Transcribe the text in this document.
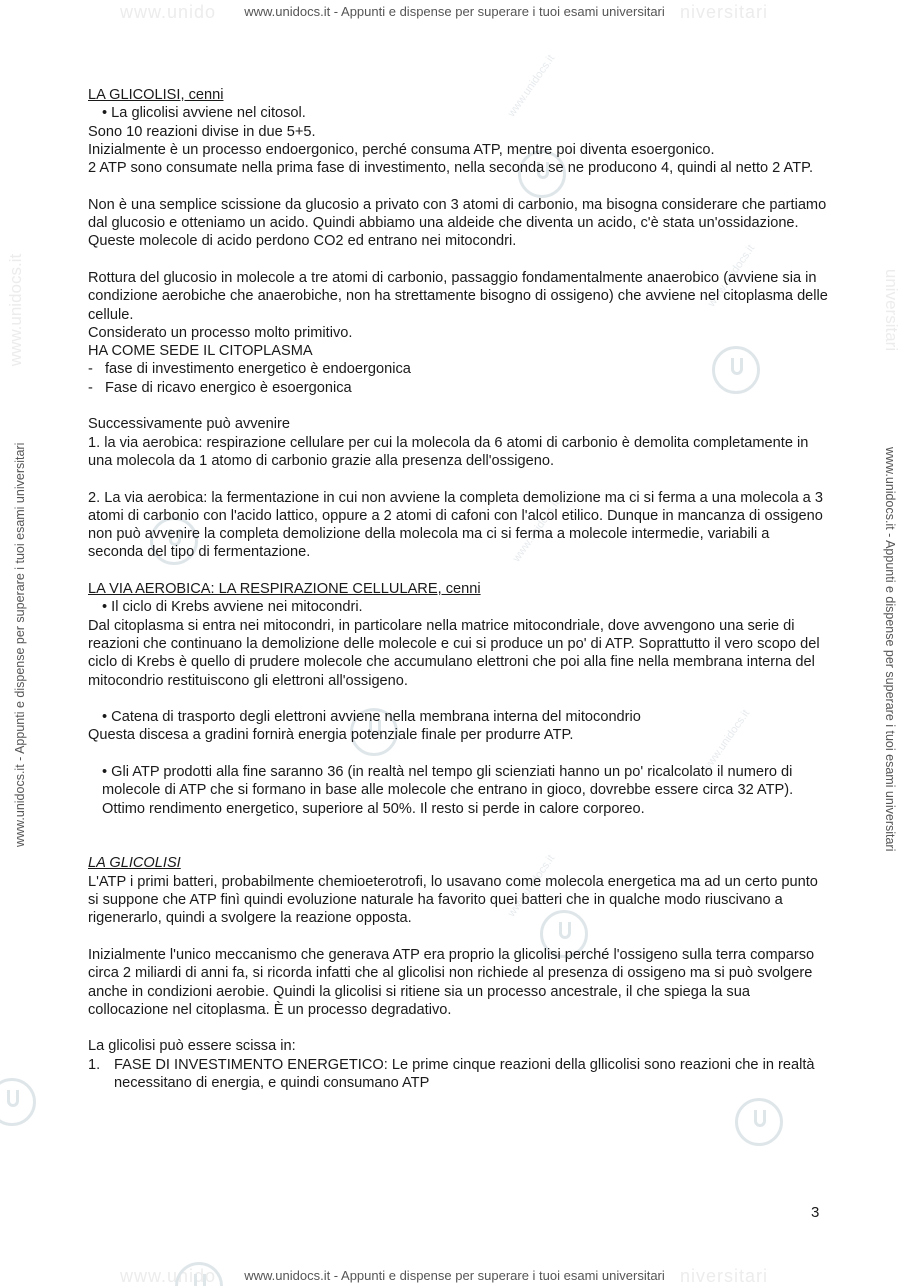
www.unido	niversitari
www.unido	niversitari
www.unidocs.it - Appunti e dispense per superare i tuoi esami universitari
www.unidocs.it - Appunti e dispense per superare i tuoi esami universitari
www.unidocs.it - Appunti e dispense per superare i tuoi esami universitari	www.unidocs.it - Appunti e dispense per superare i tuoi esami universitari
www.unidocs.it	universitari
www.unidocs.it
www.unidocs.it
www.unidocs.it
www.unidocs.it
www.unidocs.it

LA GLICOLISI, cenni

• La glicolisi avviene nel citosol.

Sono 10 reazioni divise in due 5+5.

Inizialmente è un processo endoergonico, perché consuma ATP, mentre poi diventa esoergonico.

2 ATP sono consumate nella prima fase di investimento, nella seconda se ne producono 4, quindi al netto 2 ATP.

Non è una semplice scissione da glucosio a privato con 3 atomi di carbonio, ma bisogna considerare che partiamo dal glucosio e otteniamo un acido. Quindi abbiamo una aldeide che diventa un acido, c'è stata un'ossidazione.

Queste molecole di acido perdono CO2 ed entrano nei mitocondri.

Rottura del glucosio in molecole a tre atomi di carbonio, passaggio fondamentalmente anaerobico (avviene sia in condizione aerobiche che anaerobiche, non ha strettamente bisogno di ossigeno) che avviene nel citoplasma delle cellule.

Considerato un processo molto primitivo.

HA COME SEDE IL CITOPLASMA

- fase di investimento energetico è endoergonica
- Fase di ricavo energico è esoergonica

Successivamente può avvenire

1. la via aerobica: respirazione cellulare per cui la molecola da 6 atomi di carbonio è demolita completamente in una molecola da 1 atomo di carbonio grazie alla presenza dell'ossigeno.

2. La via aerobica: la fermentazione in cui non avviene la completa demolizione ma ci si ferma a una molecola a 3 atomi di carbonio con l'acido lattico, oppure a 2 atomi di cafoni con l'alcol etilico. Dunque in mancanza di ossigeno non può avvenire la completa demolizione della molecola ma ci si ferma a molecole intermedie, variabili a seconda del tipo di fermentazione.

LA VIA AEROBICA: LA RESPIRAZIONE CELLULARE, cenni

• Il ciclo di Krebs avviene nei mitocondri.

Dal citoplasma si entra nei mitocondri, in particolare nella matrice mitocondriale, dove avvengono una serie di reazioni che continuano la demolizione delle molecole e cui si produce un po' di ATP. Soprattutto il vero scopo del ciclo di Krebs è quello di prudere molecole che accumulano elettroni che poi alla fine nella membrana interna del mitocondrio restituiscono gli elettroni all'ossigeno.

• Catena di trasporto degli elettroni avviene nella membrana interna del mitocondrio

Questa discesa a gradini fornirà energia potenziale finale per produrre ATP.

• Gli ATP prodotti alla fine saranno 36 (in realtà nel tempo gli scienziati hanno un po' ricalcolato il numero di molecole di ATP che si formano in base alle molecole che entrano in gioco, dovrebbe essere circa 32 ATP). Ottimo rendimento energetico, superiore al 50%. Il resto si perde in calore corporeo.

LA GLICOLISI

L'ATP i primi batteri, probabilmente chemioeterotrofi, lo usavano come molecola energetica ma ad un certo punto si suppone che ATP finì quindi evoluzione naturale ha favorito quei batteri che in qualche modo riuscivano a rigenerarlo, quindi a svolgere la reazione opposta.

Inizialmente l'unico meccanismo che generava ATP era proprio la glicolisi perché l'ossigeno sulla terra comparso circa 2 miliardi di anni fa, si ricorda infatti che al glicolisi non richiede al presenza di ossigeno ma si può svolgere anche in condizioni aerobie. Quindi la glicolisi si ritiene sia un processo ancestrale, il che spiega la sua collocazione nel citoplasma. È un processo degradativo.

La glicolisi può essere scissa in:

1. FASE DI INVESTIMENTO ENERGETICO: Le prime cinque reazioni della gllicolisi sono reazioni che in realtà necessitano di energia, e quindi consumano ATP
3
